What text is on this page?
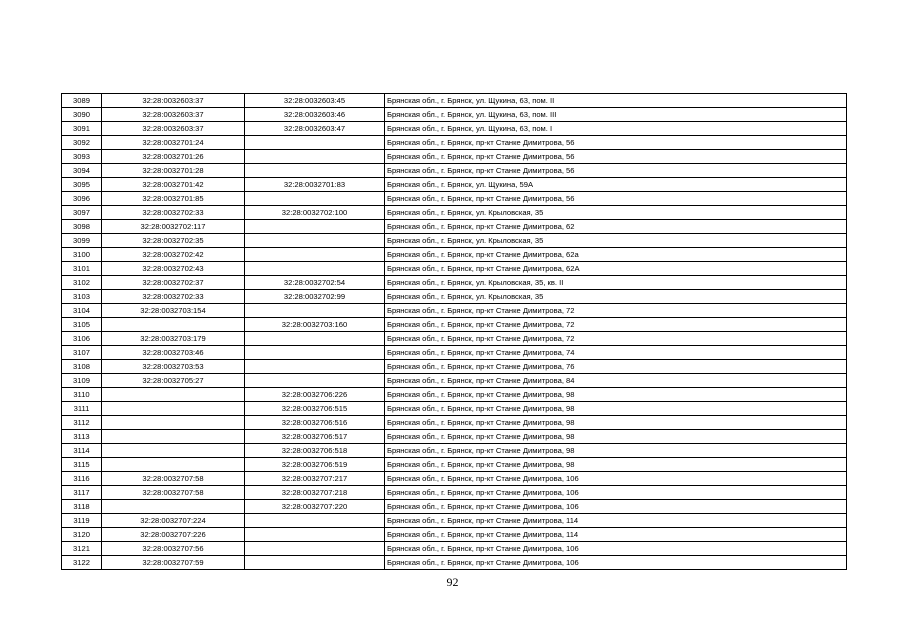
3089	32:28:0032603:37	32:28:0032603:45	Брянская обл., г. Брянск, ул. Щукина, 63, пом. II
3090	32:28:0032603:37	32:28:0032603:46	Брянская обл., г. Брянск, ул. Щукина, 63, пом. III
3091	32:28:0032603:37	32:28:0032603:47	Брянская обл., г. Брянск, ул. Щукина, 63, пом. I
3092	32:28:0032701:24		Брянская обл., г. Брянск, пр-кт Станке Димитрова, 56
3093	32:28:0032701:26		Брянская обл., г. Брянск, пр-кт Станке Димитрова, 56
3094	32:28:0032701:28		Брянская обл., г. Брянск, пр-кт Станке Димитрова, 56
3095	32:28:0032701:42	32:28:0032701:83	Брянская обл., г. Брянск, ул. Щукина, 59А
3096	32:28:0032701:85		Брянская обл., г. Брянск, пр-кт Станке Димитрова, 56
3097	32:28:0032702:33	32:28:0032702:100	Брянская обл., г. Брянск, ул. Крыловская, 35
3098	32:28:0032702:117		Брянская обл., г. Брянск, пр-кт Станке Димитрова, 62
3099	32:28:0032702:35		Брянская обл., г. Брянск, ул. Крыловская, 35
3100	32:28:0032702:42		Брянская обл., г. Брянск, пр-кт Станке Димитрова, 62а
3101	32:28:0032702:43		Брянская обл., г. Брянск, пр-кт Станке Димитрова, 62А
3102	32:28:0032702:37	32:28:0032702:54	Брянская обл., г. Брянск, ул. Крыловская, 35, кв. II
3103	32:28:0032702:33	32:28:0032702:99	Брянская обл., г. Брянск, ул. Крыловская, 35
3104	32:28:0032703:154		Брянская обл., г. Брянск, пр-кт Станке Димитрова, 72
3105		32:28:0032703:160	Брянская обл., г. Брянск, пр-кт Станке Димитрова, 72
3106	32:28:0032703:179		Брянская обл., г. Брянск, пр-кт Станке Димитрова, 72
3107	32:28:0032703:46		Брянская обл., г. Брянск, пр-кт Станке Димитрова, 74
3108	32:28:0032703:53		Брянская обл., г. Брянск, пр-кт Станке Димитрова, 76
3109	32:28:0032705:27		Брянская обл., г. Брянск, пр-кт Станке Димитрова, 84
3110		32:28:0032706:226	Брянская обл., г. Брянск, пр-кт Станке Димитрова, 98
3111		32:28:0032706:515	Брянская обл., г. Брянск, пр-кт Станке Димитрова, 98
3112		32:28:0032706:516	Брянская обл., г. Брянск, пр-кт Станке Димитрова, 98
3113		32:28:0032706:517	Брянская обл., г. Брянск, пр-кт Станке Димитрова, 98
3114		32:28:0032706:518	Брянская обл., г. Брянск, пр-кт Станке Димитрова, 98
3115		32:28:0032706:519	Брянская обл., г. Брянск, пр-кт Станке Димитрова, 98
3116	32:28:0032707:58	32:28:0032707:217	Брянская обл., г. Брянск, пр-кт Станке Димитрова, 106
3117	32:28:0032707:58	32:28:0032707:218	Брянская обл., г. Брянск, пр-кт Станке Димитрова, 106
3118		32:28:0032707:220	Брянская обл., г. Брянск, пр-кт Станке Димитрова, 106
3119	32:28:0032707:224		Брянская обл., г. Брянск, пр-кт Станке Димитрова, 114
3120	32:28:0032707:226		Брянская обл., г. Брянск, пр-кт Станке Димитрова, 114
3121	32:28:0032707:56		Брянская обл., г. Брянск, пр-кт Станке Димитрова, 106
3122	32:28:0032707:59		Брянская обл., г. Брянск, пр-кт Станке Димитрова, 106
92
